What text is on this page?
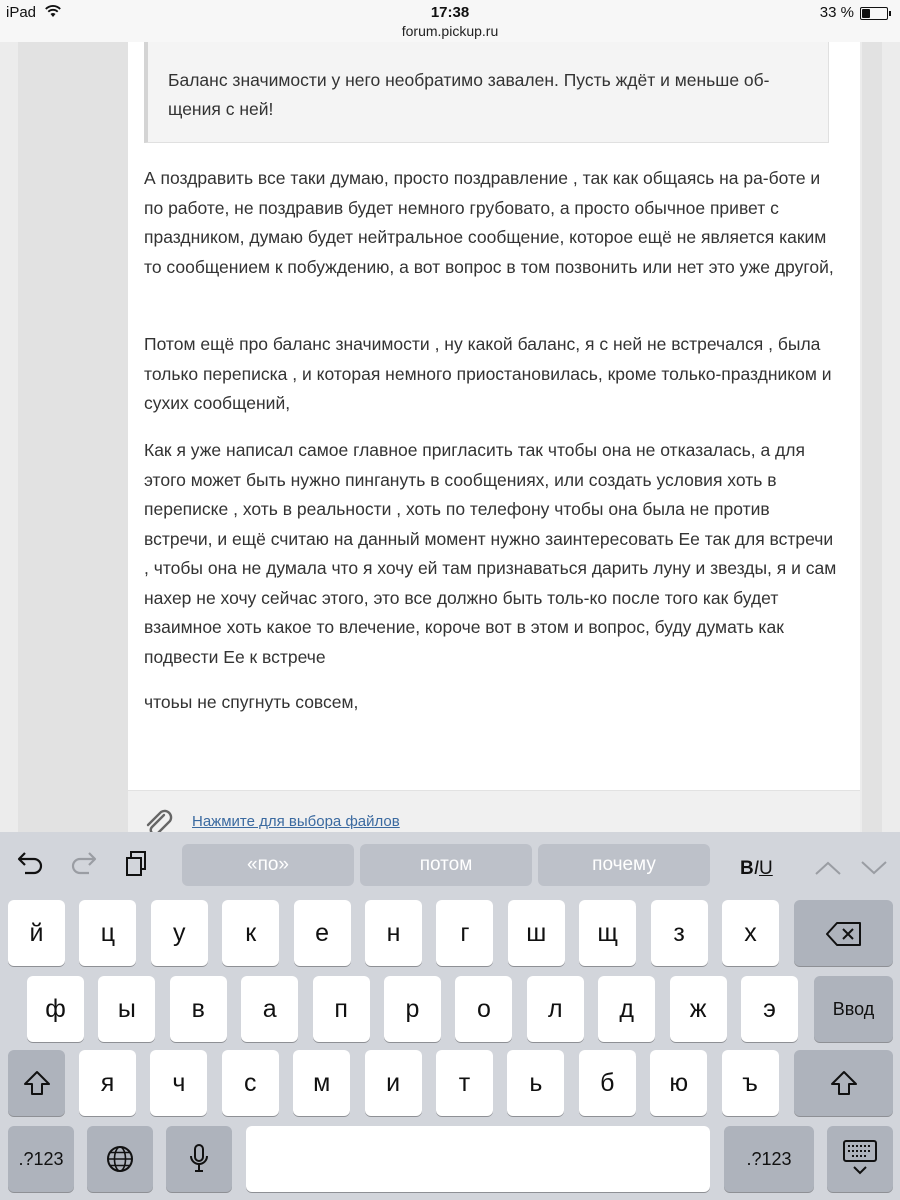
iPad	17:38
forum.pickup.ru
33 %
Баланс значимости у него необратимо завален. Пусть ждёт и меньше об-щения с ней!

А поздравить все таки думаю, просто поздравление , так как общаясь на ра-боте и по работе, не поздравив будет немного грубовато, а просто обычное привет с праздником, думаю будет нейтральное сообщение, которое ещё не является каким то сообщением к побуждению, а вот вопрос в том позвонить или нет это уже другой,

Потом ещё про баланс значимости , ну какой баланс, я с ней не встречался , была только переписка , и которая немного приостановилась, кроме только-праздником и сухих сообщений,

Как я уже написал самое главное пригласить так чтобы она не отказалась, а для этого может быть нужно пингануть в сообщениях, или создать условия хоть в переписке , хоть в реальности , хоть по телефону чтобы она была не против встречи, и ещё считаю на данный момент нужно заинтересовать Ее так для встречи , чтобы она не думала что я хочу ей там признаваться дарить луну и звезды, я и сам нахер не хочу сейчас этого, это все должно быть толь-ко после того как будет взаимное хоть какое то влечение, короче вот в этом и вопрос, буду думать как подвести Ее к встрече

чтоьы не спугнуть совсем,

Нажмите для выбора файлов
«по»	потом	почему	BIU
Ввод
.?123	.?123
й	ц	у	к	е	н	г	ш	щ	з	х
ф	ы	в	а	п	р	о	л	д	ж	э
я	ч	с	м	и	т	ь	б	ю	ъ
